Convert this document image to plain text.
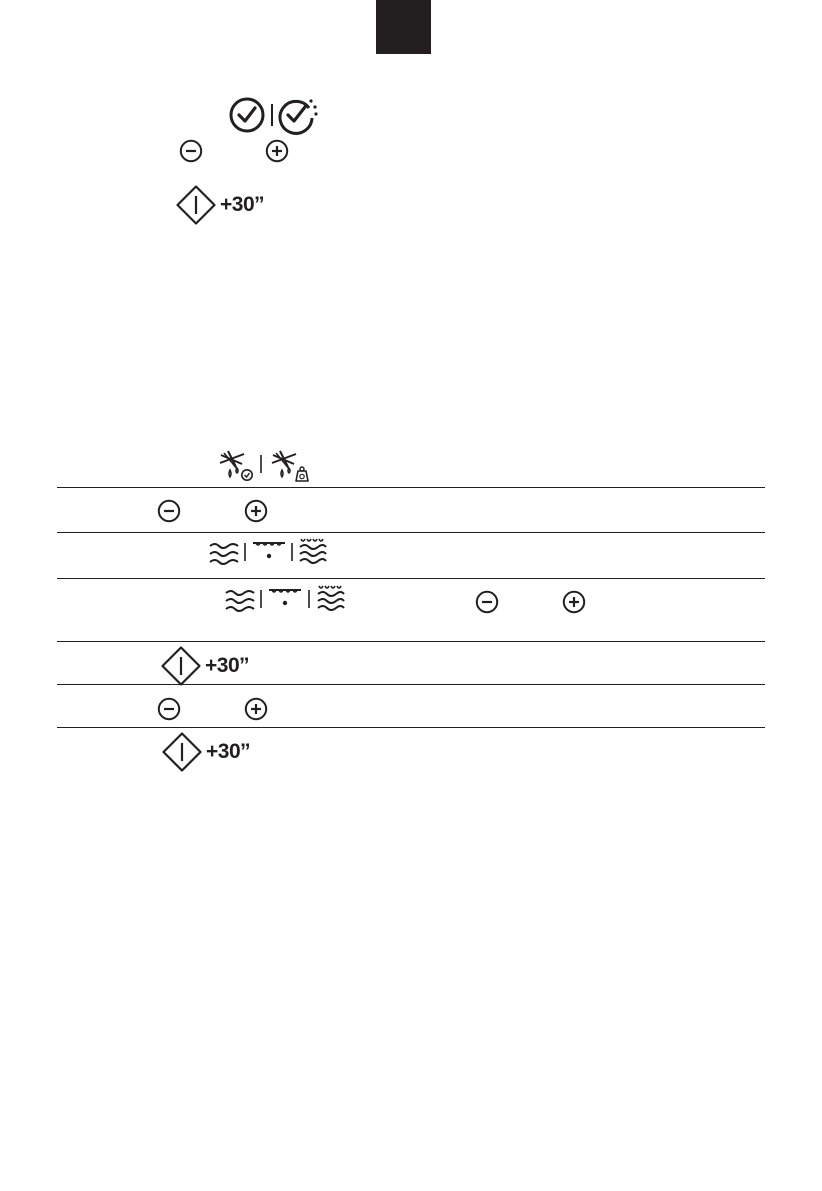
+30’’
+30’’
+30’’
